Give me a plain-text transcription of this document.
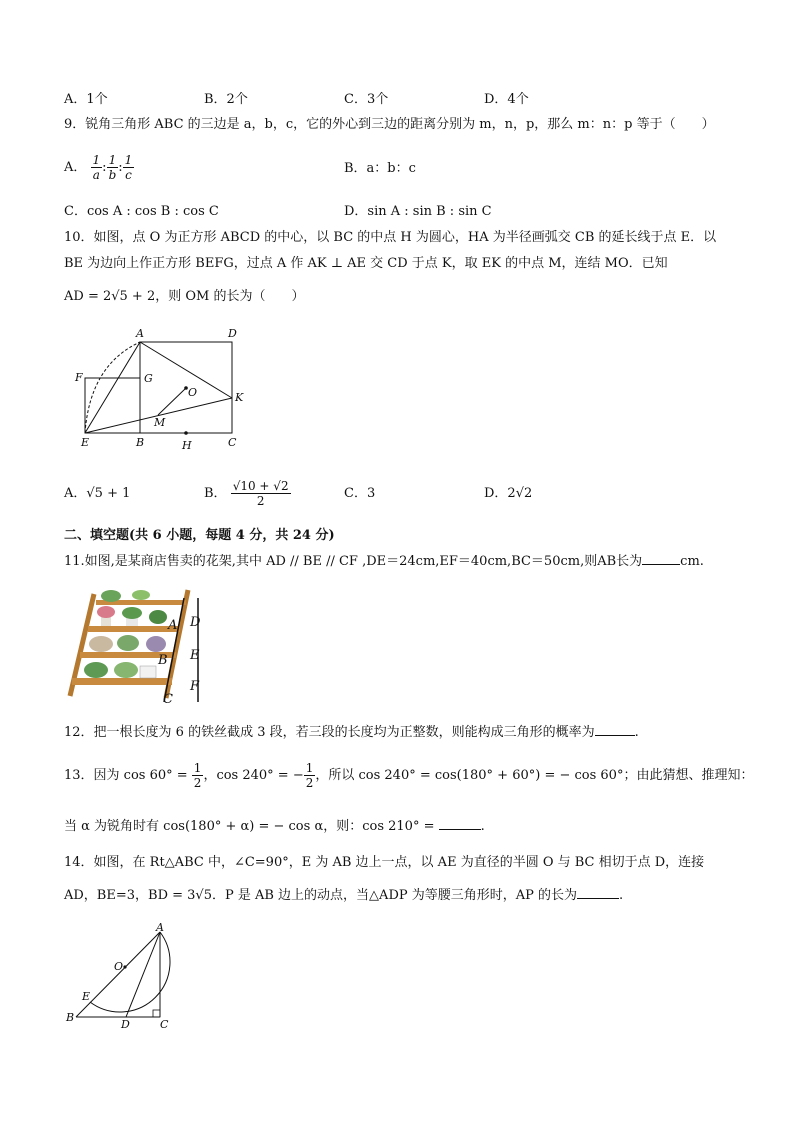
A．1个	B．2个	C．3个	D．4个
9．锐角三角形 ABC 的三边是 a，b，c，它的外心到三边的距离分别为 m，n，p，那么 m：n：p 等于（　　）
A． $\frac{1}{a}$ : $\frac{1}{b}$ : $\frac{1}{c}$	B．a：b：c
C．cos A : cos B : cos C	D．sin A : sin B : sin C
10．如图，点 O 为正方形 ABCD 的中心，以 BC 的中点 H 为圆心，HA 为半径画弧交 CB 的延长线于点 E．以
BE 为边向上作正方形 BEFG，过点 A 作 AK ⊥ AE 交 CD 于点 K，取 EK 的中点 M，连结 MO．已知
AD = 2√5 + 2，则 OM 的长为（　　）
A	D
F	G
O	K
M
E	B	H	C
A．√5 + 1	B． $\frac{√10 + √2}{2}$	C．3	D．2√2
二、填空题(共 6 小题，每题 4 分，共 24 分)
11.如图,是某商店售卖的花架,其中 AD // BE // CF ,DE＝24cm,EF＝40cm,BC＝50cm,则AB长为	cm.
A D
B E
C
F
12．把一根长度为 6 的铁丝截成 3 段，若三段的长度均为正整数，则能构成三角形的概率为	.
13．因为 $\cos 60^\circ = \frac{1}{2}$ ，cos 240° = − $\frac{1}{2}$ ，所以 cos 240° = cos(180° + 60°) = − cos 60°；由此猜想、推理知：
当 α 为锐角时有 cos(180° + α) = − cos α，则：cos 210° =	.
14．如图，在 Rt△ABC 中，∠C=90°，E 为 AB 边上一点，以 AE 为直径的半圆 O 与 BC 相切于点 D，连接
AD，BE=3，BD = 3√5．P 是 AB 边上的动点，当△ADP 为等腰三角形时，AP 的长为	.
A
O
E
B
D	C
